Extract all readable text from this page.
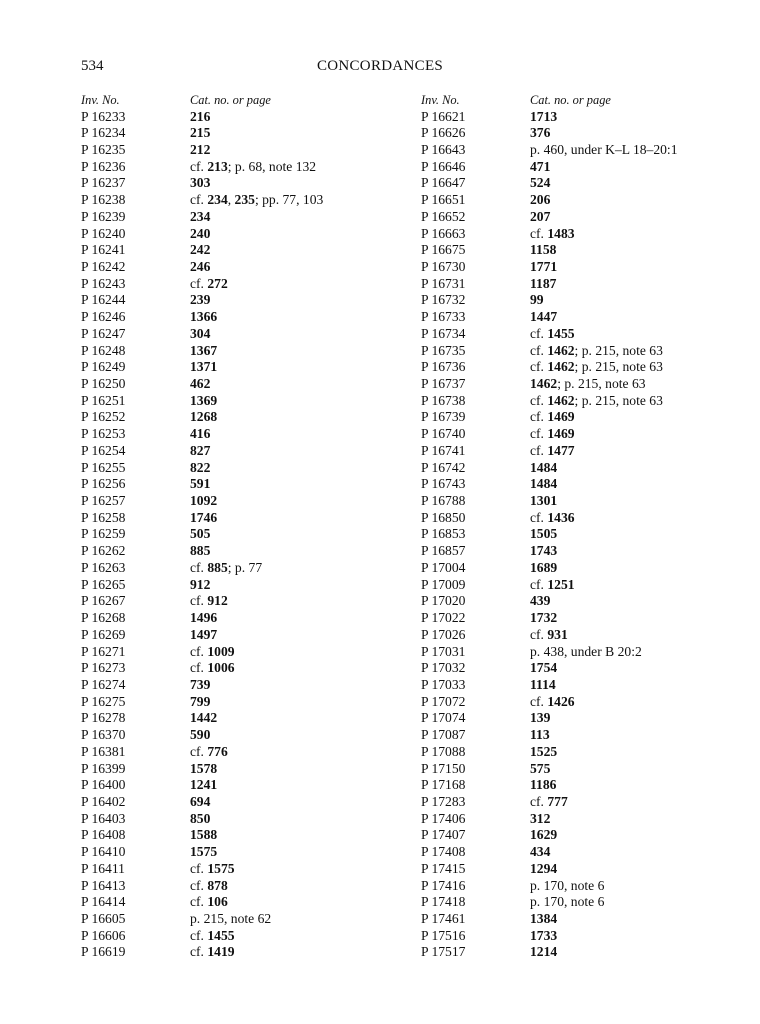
534	CONCORDANCES
Inv. No.	Cat. no. or page
P 16233	216
P 16234	215
P 16235	212
P 16236	cf. 213; p. 68, note 132
P 16237	303
P 16238	cf. 234, 235; pp. 77, 103
P 16239	234
P 16240	240
P 16241	242
P 16242	246
P 16243	cf. 272
P 16244	239
P 16246	1366
P 16247	304
P 16248	1367
P 16249	1371
P 16250	462
P 16251	1369
P 16252	1268
P 16253	416
P 16254	827
P 16255	822
P 16256	591
P 16257	1092
P 16258	1746
P 16259	505
P 16262	885
P 16263	cf. 885; p. 77
P 16265	912
P 16267	cf. 912
P 16268	1496
P 16269	1497
P 16271	cf. 1009
P 16273	cf. 1006
P 16274	739
P 16275	799
P 16278	1442
P 16370	590
P 16381	cf. 776
P 16399	1578
P 16400	1241
P 16402	694
P 16403	850
P 16408	1588
P 16410	1575
P 16411	cf. 1575
P 16413	cf. 878
P 16414	cf. 106
P 16605	p. 215, note 62
P 16606	cf. 1455
P 16619	cf. 1419
Inv. No.	Cat. no. or page
P 16621	1713
P 16626	376
P 16643	p. 460, under K–L 18–20:1
P 16646	471
P 16647	524
P 16651	206
P 16652	207
P 16663	cf. 1483
P 16675	1158
P 16730	1771
P 16731	1187
P 16732	99
P 16733	1447
P 16734	cf. 1455
P 16735	cf. 1462; p. 215, note 63
P 16736	cf. 1462; p. 215, note 63
P 16737	1462; p. 215, note 63
P 16738	cf. 1462; p. 215, note 63
P 16739	cf. 1469
P 16740	cf. 1469
P 16741	cf. 1477
P 16742	1484
P 16743	1484
P 16788	1301
P 16850	cf. 1436
P 16853	1505
P 16857	1743
P 17004	1689
P 17009	cf. 1251
P 17020	439
P 17022	1732
P 17026	cf. 931
P 17031	p. 438, under B 20:2
P 17032	1754
P 17033	1114
P 17072	cf. 1426
P 17074	139
P 17087	113
P 17088	1525
P 17150	575
P 17168	1186
P 17283	cf. 777
P 17406	312
P 17407	1629
P 17408	434
P 17415	1294
P 17416	p. 170, note 6
P 17418	p. 170, note 6
P 17461	1384
P 17516	1733
P 17517	1214
